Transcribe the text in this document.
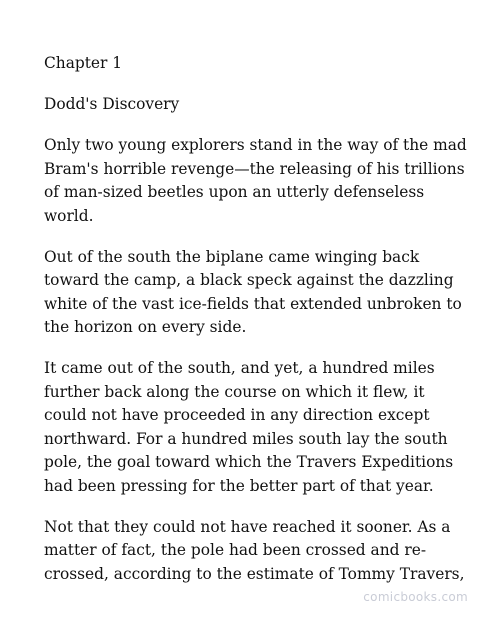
Chapter 1
Dodd's Discovery
Only two young explorers stand in the way of the mad
Bram's horrible revenge—the releasing of his trillions
of man-sized beetles upon an utterly defenseless
world.
Out of the south the biplane came winging back
toward the camp, a black speck against the dazzling
white of the vast ice-fields that extended unbroken to
the horizon on every side.
It came out of the south, and yet, a hundred miles
further back along the course on which it flew, it
could not have proceeded in any direction except
northward. For a hundred miles south lay the south
pole, the goal toward which the Travers Expeditions
had been pressing for the better part of that year.
Not that they could not have reached it sooner. As a
matter of fact, the pole had been crossed and re-
crossed, according to the estimate of Tommy Travers,
comicbooks.com
